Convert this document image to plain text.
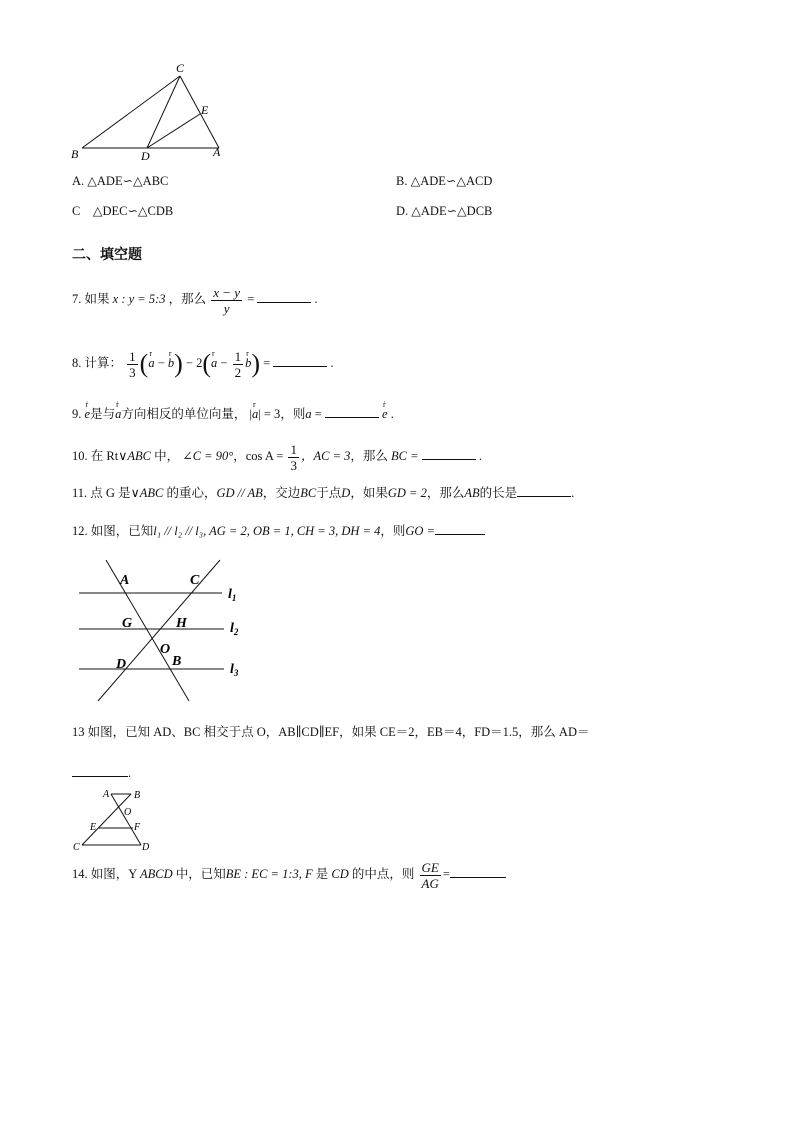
C
E
B	D	A
A. △ADE∽△ABC	B. △ADE∽△ACD
C　△DEC∽△CDB	D. △ADE∽△DCB
二、填空题
7. 如果 x : y = 5:3 ，那么 $\frac{x - y}{y}$ =	.
8. 计算： $\frac{1}{3}$ ( r
a −
r
b) − 2( r
$a - \frac{1}{2}$ r
b) =	.
9.
ṙ
e是与
ṙ
a方向相反的单位向量， |
r
a| = 3，则a =
ṙ
e .
10. 在 Rt∨ABC 中， ∠C = 90°，$\cos A = \frac{1}{3}$ ，AC = 3，那么 BC =	.
11. 点 G 是∨ABC 的重心，GD // AB，交边BC于点D，如果GD = 2，那么AB的长是	.
12. 如图，已知l₁ // l₂ // l₃, AG = 2, OB = 1, CH = 3, DH = 4，则GO =
A	C
G	H
O
D	B
$l_1$
$l_2$
$l_3$
13 如图，已知 AD、BC 相交于点 O，AB∥CD∥EF，如果 CE＝2，EB＝4，FD＝1.5，那么 AD＝
.
A B
O
E	F
C	D
14. 如图，Y ABCD 中，已知BE : EC = 1:3, F 是 CD 的中点，则 $\frac{GE}{AG}$ =
